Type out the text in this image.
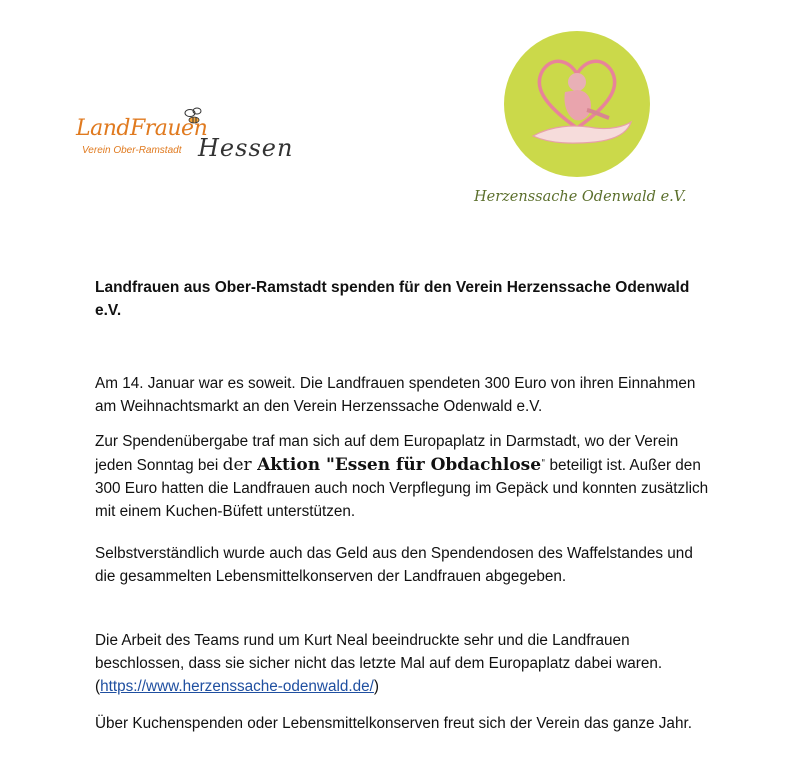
LandFrauen
Hessen
Verein Ober-Ramstadt
Herzenssache Odenwald e.V.

Landfrauen aus Ober-Ramstadt spenden für den Verein Herzenssache Odenwald e.V.

Am 14. Januar war es soweit. Die Landfrauen spendeten 300 Euro von ihren Einnahmen am Weihnachtsmarkt an den Verein Herzenssache Odenwald e.V.

Zur Spendenübergabe traf man sich auf dem Europaplatz in Darmstadt, wo der Verein jeden Sonntag bei der Aktion "Essen für Obdachlose" beteiligt ist. Außer den 300 Euro hatten die Landfrauen auch noch Verpflegung im Gepäck und konnten zusätzlich mit einem Kuchen-Büfett unterstützen.

Selbstverständlich wurde auch das Geld aus den Spendendosen des Waffelstandes und die gesammelten Lebensmittelkonserven der Landfrauen abgegeben.

Die Arbeit des Teams rund um Kurt Neal beeindruckte sehr und die Landfrauen beschlossen, dass sie sicher nicht das letzte Mal auf dem Europaplatz dabei waren. (https://www.herzenssache-odenwald.de/)

Über Kuchenspenden oder Lebensmittelkonserven freut sich der Verein das ganze Jahr.
